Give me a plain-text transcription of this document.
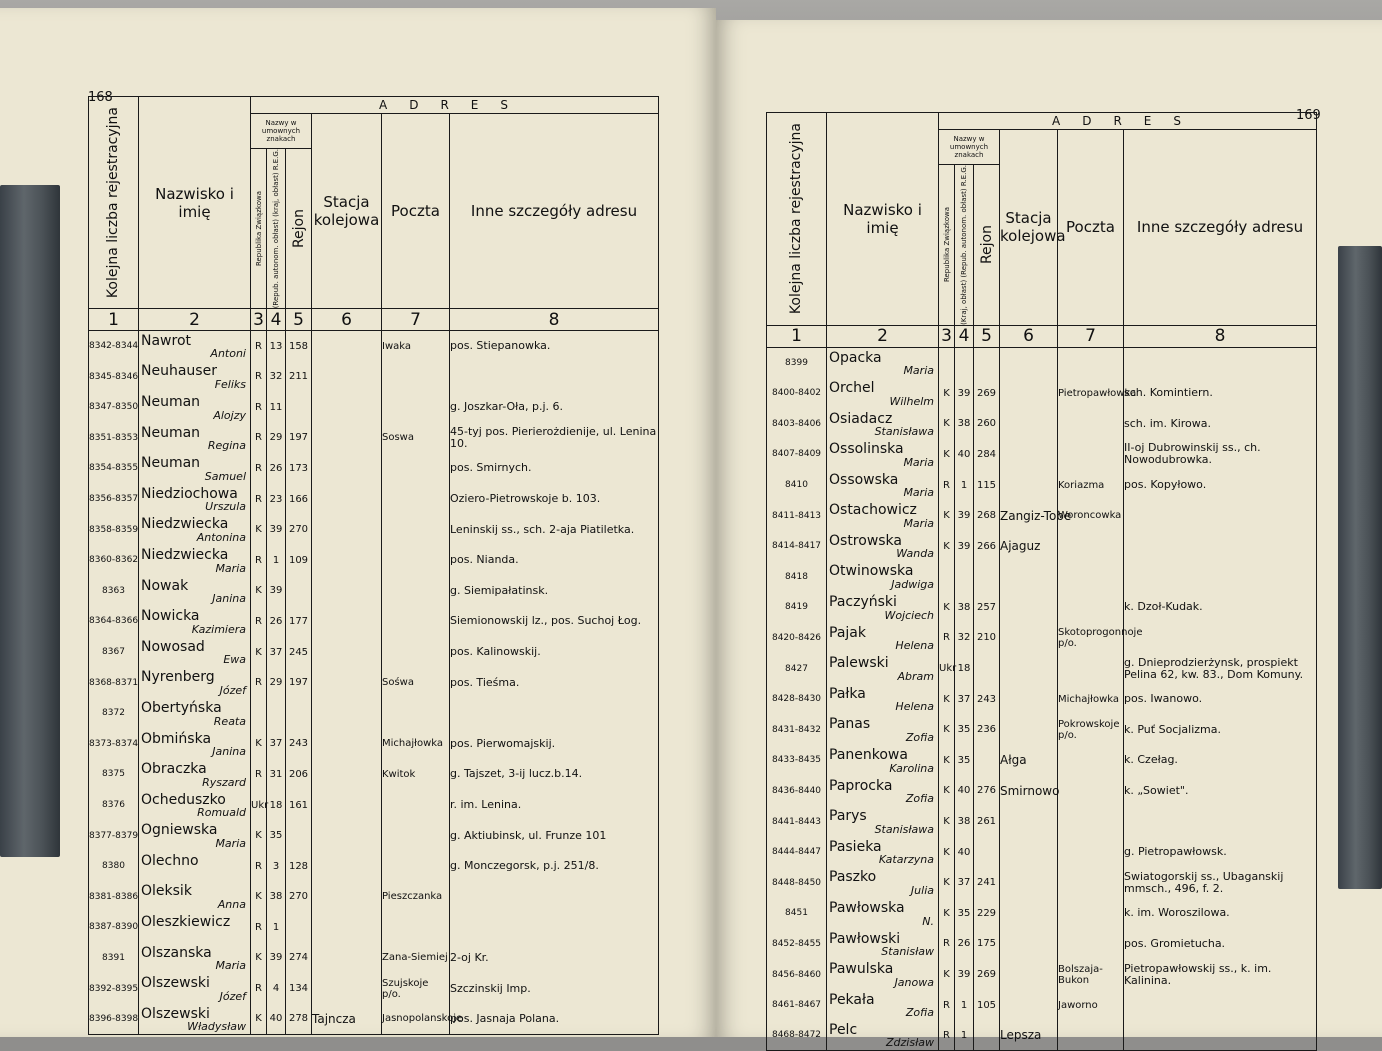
168
Kolejna liczba rejestracyjna	Nazwisko i imię	ADRES					
		Nazwy w umownych znakach			Stacja kolejowa	Poczta	Inne szczegóły adresu

		Republika Związkowa	(Repub. autonom. obłast) (kraj, obłast) R.E.G.	Rejon			

1	2	3	4	5	6	7	8
8342-8344	Nawrot
Antoni	R	13	158		Iwaka	pos. Stiepanowka.
8345-8346	Neuhauser
Feliks	R	32	211			
8347-8350	Neuman
Alojzy	R	11				g. Joszkar-Oła, p.j. 6.
8351-8353	Neuman
Regina	R	29	197		Soswa	45-tyj pos. Pierierożdienije, ul. Lenina 10.
8354-8355	Neuman
Samuel	R	26	173			pos. Smirnych.
8356-8357	Niedziochowa
Urszula	R	23	166			Oziero-Pietrowskoje b. 103.
8358-8359	Niedzwiecka
Antonina	K	39	270			Leninskij ss., sch. 2-aja Piatiletka.
8360-8362	Niedzwiecka
Maria	R	1	109			pos. Nianda.
8363	Nowak
Janina	K	39				g. Siemipałatinsk.
8364-8366	Nowicka
Kazimiera	R	26	177			Siemionowskij lz., pos. Suchoj Łog.
8367	Nowosad
Ewa	K	37	245			pos. Kalinowskij.
8368-8371	Nyrenberg
Józef	R	29	197		Sośwa	pos. Tieśma.
8372	Obertyńska
Reata						

8373-8374	Obmińska
Janina	K	37	243		Michajłowka	pos. Pierwomajskij.
8375	Obraczka
Ryszard	R	31	206		Kwitok	g. Tajszet, 3-ij lucz.b.14.
8376	Ocheduszko
Romuald	Ukr	18	161			r. im. Lenina.
8377-8379	Ogniewska
Maria	K	35				g. Aktiubinsk, ul. Frunze 101
8380	Olechno	R	3	128			g. Monczegorsk, p.j. 251/8.
8381-8386	Oleksik
Anna	K	38	270		Pieszczanka	
8387-8390	Oleszkiewicz	R	1				
8391	Olszanska
Maria	K	39	274		Zana-Siemiej	2-oj Kr.
8392-8395	Olszewski
Józef	R	4	134		Szujskoje p/o.	Szczinskij Imp.
8396-8398	Olszewski
Władysław	K	40	278	Tajncza	Jasnopolanskoje	pos. Jasnaja Polana.
169
Kolejna liczba rejestracyjna	Nazwisko i imię	ADRES					
		Nazwy w umownych znakach			Stacja kolejowa	Poczta	Inne szczegóły adresu

		Republika Związkowa	(Kraj, obłast) (Repub. autonom. obłast) R.E.G.	Rejon			

1	2	3	4	5	6	7	8
8399	Opacka
Maria						

8400-8402	Orchel
Wilhelm	K	39	269		Pietropawłowka	sch. Komintiern.
8403-8406	Osiadacz
Stanisława	K	38	260			sch. im. Kirowa.
8407-8409	Ossolinska
Maria	K	40	284			II-oj Dubrowinskij ss., ch. Nowodubrowka.
8410	Ossowska
Maria	R	1	115		Koriazma	pos. Kopyłowo.
8411-8413	Ostachowicz
Maria	K	39	268	Zangiz-Tobe	Woroncowka	
8414-8417	Ostrowska
Wanda	K	39	266	Ajaguz		
8418	Otwinowska
Jadwiga						

8419	Paczyński
Wojciech	K	38	257			k. Dzoł-Kudak.
8420-8426	Pajak
Helena	R	32	210		Skotoprogonnoje p/o.	
8427	Palewski
Abram	Ukr	18				g. Dnieprodzierżynsk, prospiekt Pelina 62, kw. 83., Dom Komuny.
8428-8430	Pałka
Helena	K	37	243		Michajłowka	pos. Iwanowo.
8431-8432	Panas
Zofia	K	35	236		Pokrowskoje p/o.	k. Puť Socjalizma.
8433-8435	Panenkowa
Karolina	K	35		Ałga		k. Czełag.
8436-8440	Paprocka
Zofia	K	40	276	Smirnowo		k. „Sowiet".
8441-8443	Parys
Stanisława	K	38	261			
8444-8447	Pasieka
Katarzyna	K	40				g. Pietropawłowsk.
8448-8450	Paszko
Julia	K	37	241			Swiatogorskij ss., Ubaganskij mmsch., 496, f. 2.
8451	Pawłowska
N.	K	35	229			k. im. Woroszilowa.
8452-8455	Pawłowski
Stanisław	R	26	175			pos. Gromietucha.
8456-8460	Pawulska
Janowa	K	39	269		Bolszaja-Bukon	Pietropawłowskij ss., k. im. Kalinina.
8461-8467	Pekała
Zofia	R	1	105		Jaworno	
8468-8472	Pelc
Zdzisław	R	1		Lepsza		
